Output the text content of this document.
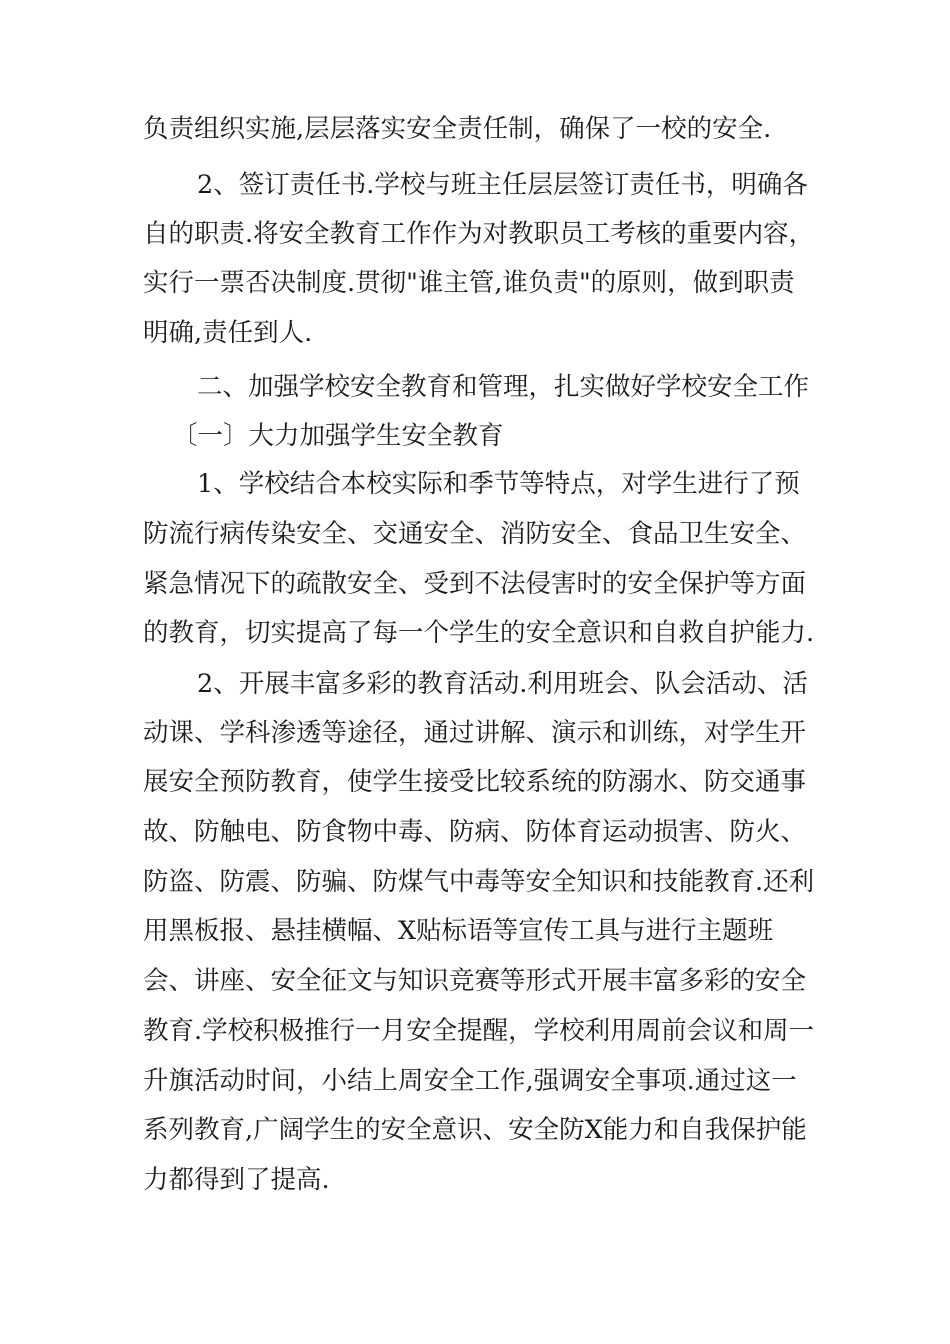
负责组织实施,层层落实安全责任制，确保了一校的安全.
2、签订责任书.学校与班主任层层签订责任书，明确各
自的职责.将安全教育工作作为对教职员工考核的重要内容，
实行一票否决制度.贯彻"谁主管,谁负责"的原则，做到职责
明确,责任到人.
二、加强学校安全教育和管理，扎实做好学校安全工作
〔一〕大力加强学生安全教育
1、学校结合本校实际和季节等特点，对学生进行了预
防流行病传染安全、交通安全、消防安全、食品卫生安全、
紧急情况下的疏散安全、受到不法侵害时的安全保护等方面
的教育，切实提高了每一个学生的安全意识和自救自护能力.
2、开展丰富多彩的教育活动.利用班会、队会活动、活
动课、学科渗透等途径，通过讲解、演示和训练，对学生开
展安全预防教育，使学生接受比较系统的防溺水、防交通事
故、防触电、防食物中毒、防病、防体育运动损害、防火、
防盗、防震、防骗、防煤气中毒等安全知识和技能教育.还利
用黑板报、悬挂横幅、X贴标语等宣传工具与进行主题班
会、讲座、安全征文与知识竞赛等形式开展丰富多彩的安全
教育.学校积极推行一月安全提醒，学校利用周前会议和周一
升旗活动时间，小结上周安全工作,强调安全事项.通过这一
系列教育,广阔学生的安全意识、安全防X能力和自我保护能
力都得到了提高.
